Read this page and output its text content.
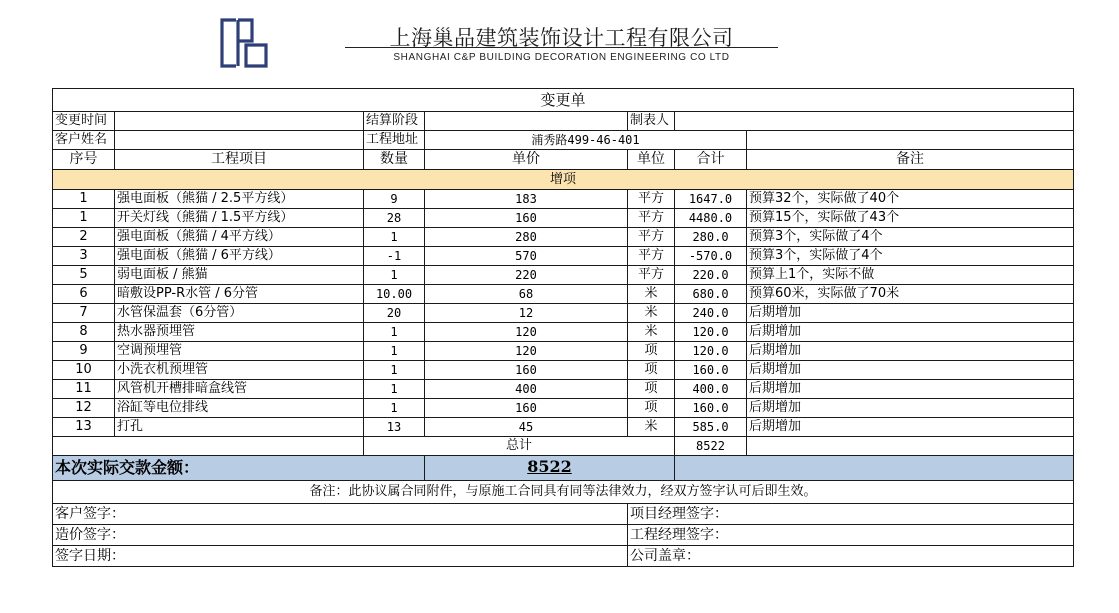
上海巢品建筑装饰设计工程有限公司
SHANGHAI C&P BUILDING DECORATION ENGINEERING CO LTD
变更单						
变更时间		结算阶段		制表人		
客户姓名		工程地址	浦秀路499-46-401			
序号	工程项目	数量	单价	单位	合计	备注
增项						
1	强电面板（熊猫 / 2.5平方线）	9	183	平方	1647.0	预算32个，实际做了40个
1	开关灯线（熊猫 / 1.5平方线）	28	160	平方	4480.0	预算15个，实际做了43个
2	强电面板（熊猫 / 4平方线）	1	280	平方	280.0	预算3个，实际做了4个
3	强电面板（熊猫 / 6平方线）	-1	570	平方	-570.0	预算3个，实际做了4个
5	弱电面板 / 熊猫	1	220	平方	220.0	预算上1个，实际不做
6	暗敷设PP-R水管 / 6分管	10.00	68	米	680.0	预算60米，实际做了70米
7	水管保温套（6分管）	20	12	米	240.0	后期增加
8	热水器预埋管	1	120	米	120.0	后期增加
9	空调预埋管	1	120	项	120.0	后期增加
10	小洗衣机预埋管	1	160	项	160.0	后期增加
11	风管机开槽排暗盒线管	1	400	项	400.0	后期增加
12	浴缸等电位排线	1	160	项	160.0	后期增加
13	打孔	13	45	米	585.0	后期增加
		总计			8522	
本次实际交款金额：			8522			
备注：此协议属合同附件，与原施工合同具有同等法律效力，经双方签字认可后即生效。						
客户签字：				项目经理签字：		
造价签字：				工程经理签字：		
签字日期：				公司盖章：		
